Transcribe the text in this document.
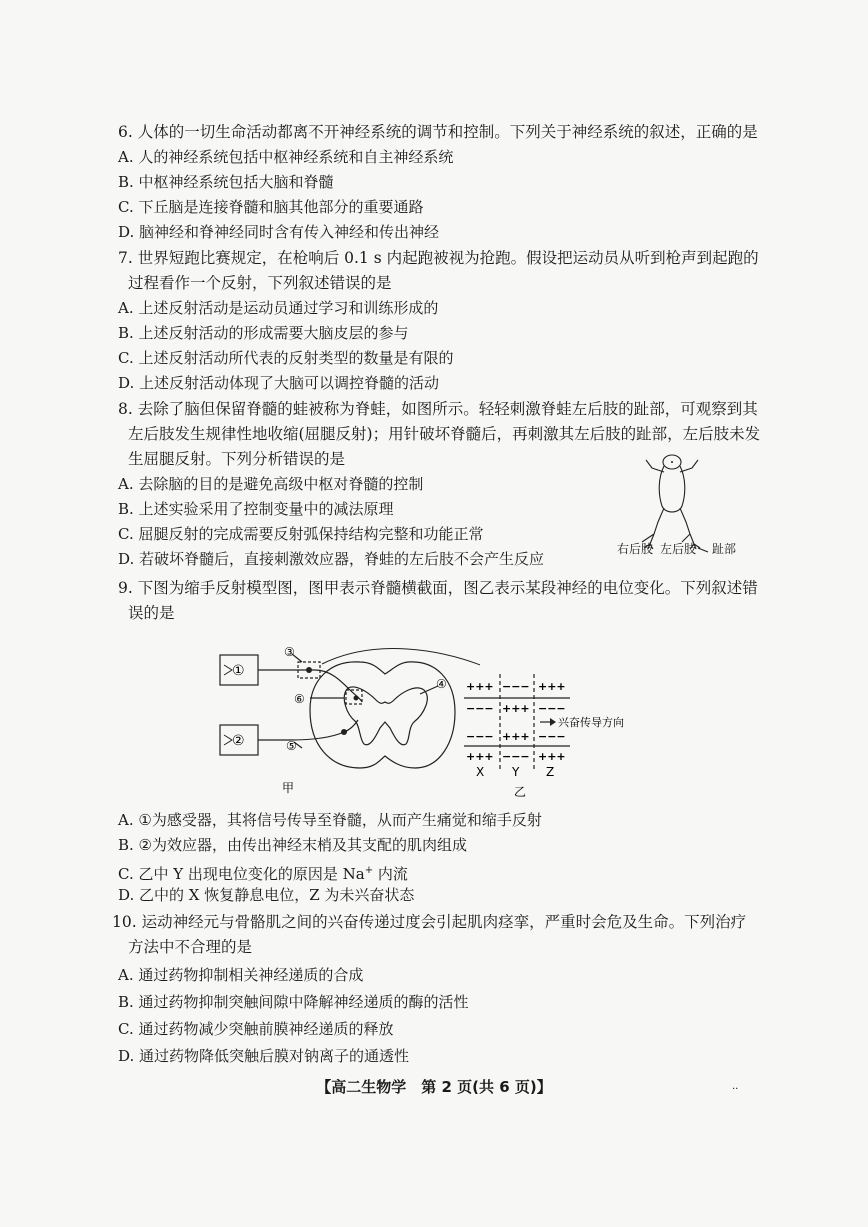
6. 人体的一切生命活动都离不开神经系统的调节和控制。下列关于神经系统的叙述，正确的是
A. 人的神经系统包括中枢神经系统和自主神经系统
B. 中枢神经系统包括大脑和脊髓
C. 下丘脑是连接脊髓和脑其他部分的重要通路
D. 脑神经和脊神经同时含有传入神经和传出神经
7. 世界短跑比赛规定，在枪响后 0.1 s 内起跑被视为抢跑。假设把运动员从听到枪声到起跑的
过程看作一个反射，下列叙述错误的是
A. 上述反射活动是运动员通过学习和训练形成的
B. 上述反射活动的形成需要大脑皮层的参与
C. 上述反射活动所代表的反射类型的数量是有限的
D. 上述反射活动体现了大脑可以调控脊髓的活动
8. 去除了脑但保留脊髓的蛙被称为脊蛙，如图所示。轻轻刺激脊蛙左后肢的趾部，可观察到其
左后肢发生规律性地收缩(屈腿反射)；用针破坏脊髓后，再刺激其左后肢的趾部，左后肢未发
生屈腿反射。下列分析错误的是
A. 去除脑的目的是避免高级中枢对脊髓的控制
B. 上述实验采用了控制变量中的减法原理
C. 屈腿反射的完成需要反射弧保持结构完整和功能正常
D. 若破坏脊髓后，直接刺激效应器，脊蛙的左后肢不会产生反应
右后肢 左后肢 趾部
9. 下图为缩手反射模型图，图甲表示脊髓横截面，图乙表示某段神经的电位变化。下列叙述错
误的是
①
②
③
④
⑤
⑥
甲
+++ −−− +++
−−− +++ −−−
−−− +++ −−−
+++ −−− +++
兴奋传导方向
X Y Z
乙
A. ①为感受器，其将信号传导至脊髓，从而产生痛觉和缩手反射
B. ②为效应器，由传出神经末梢及其支配的肌肉组成
C. 乙中 Y 出现电位变化的原因是 Na+ 内流
D. 乙中的 X 恢复静息电位，Z 为未兴奋状态
10. 运动神经元与骨骼肌之间的兴奋传递过度会引起肌肉痉挛，严重时会危及生命。下列治疗
方法中不合理的是
A. 通过药物抑制相关神经递质的合成
B. 通过药物抑制突触间隙中降解神经递质的酶的活性
C. 通过药物减少突触前膜神经递质的释放
D. 通过药物降低突触后膜对钠离子的通透性
【高二生物学　第 2 页(共 6 页)】	··
